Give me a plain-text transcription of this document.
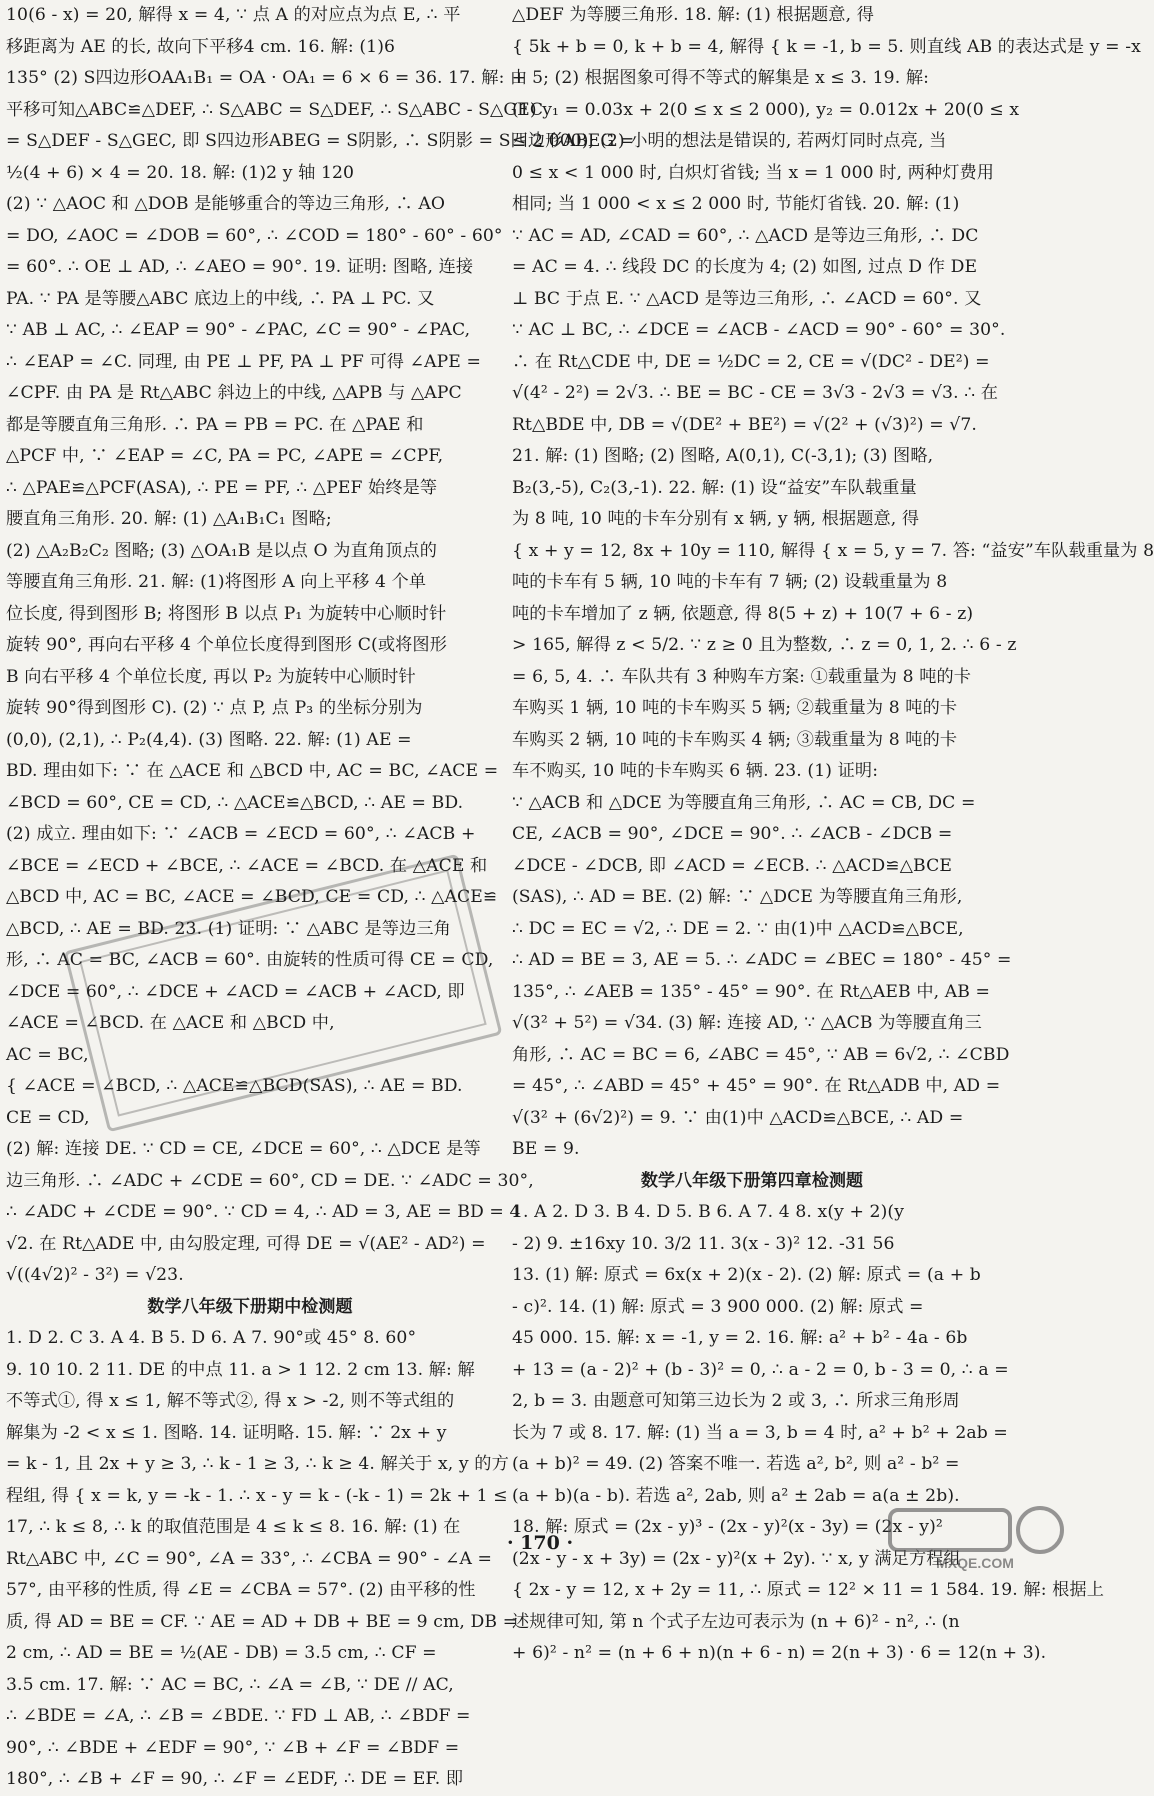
10(6 - x) = 20, 解得 x = 4, ∵ 点 A 的对应点为点 E, ∴ 平
移距离为 AE 的长, 故向下平移4 cm. 16. 解: (1)6
135° (2) S四边形OAA₁B₁ = OA · OA₁ = 6 × 6 = 36. 17. 解: 由
平移可知△ABC≌△DEF, ∴ S△ABC = S△DEF, ∴ S△ABC - S△GEC
= S△DEF - S△GEC, 即 S四边形ABEG = S阴影, ∴ S阴影 = S四边形ABEG =
½(4 + 6) × 4 = 20. 18. 解: (1)2 y 轴 120
(2) ∵ △AOC 和 △DOB 是能够重合的等边三角形, ∴ AO
= DO, ∠AOC = ∠DOB = 60°, ∴ ∠COD = 180° - 60° - 60°
= 60°. ∴ OE ⊥ AD, ∴ ∠AEO = 90°. 19. 证明: 图略, 连接
PA. ∵ PA 是等腰△ABC 底边上的中线, ∴ PA ⊥ PC. 又
∵ AB ⊥ AC, ∴ ∠EAP = 90° - ∠PAC, ∠C = 90° - ∠PAC,
∴ ∠EAP = ∠C. 同理, 由 PE ⊥ PF, PA ⊥ PF 可得 ∠APE =
∠CPF. 由 PA 是 Rt△ABC 斜边上的中线, △APB 与 △APC
都是等腰直角三角形. ∴ PA = PB = PC. 在 △PAE 和
△PCF 中, ∵ ∠EAP = ∠C, PA = PC, ∠APE = ∠CPF,
∴ △PAE≌△PCF(ASA), ∴ PE = PF, ∴ △PEF 始终是等
腰直角三角形. 20. 解: (1) △A₁B₁C₁ 图略;
(2) △A₂B₂C₂ 图略; (3) △OA₁B 是以点 O 为直角顶点的
等腰直角三角形. 21. 解: (1)将图形 A 向上平移 4 个单
位长度, 得到图形 B; 将图形 B 以点 P₁ 为旋转中心顺时针
旋转 90°, 再向右平移 4 个单位长度得到图形 C(或将图形
B 向右平移 4 个单位长度, 再以 P₂ 为旋转中心顺时针
旋转 90°得到图形 C). (2) ∵ 点 P, 点 P₃ 的坐标分别为
(0,0), (2,1), ∴ P₂(4,4). (3) 图略. 22. 解: (1) AE =
BD. 理由如下: ∵ 在 △ACE 和 △BCD 中, AC = BC, ∠ACE =
∠BCD = 60°, CE = CD, ∴ △ACE≌△BCD, ∴ AE = BD.
(2) 成立. 理由如下: ∵ ∠ACB = ∠ECD = 60°, ∴ ∠ACB +
∠BCE = ∠ECD + ∠BCE, ∴ ∠ACE = ∠BCD. 在 △ACE 和
△BCD 中, AC = BC, ∠ACE = ∠BCD, CE = CD, ∴ △ACE≌
△BCD, ∴ AE = BD. 23. (1) 证明: ∵ △ABC 是等边三角
形, ∴ AC = BC, ∠ACB = 60°. 由旋转的性质可得 CE = CD,
∠DCE = 60°, ∴ ∠DCE + ∠ACD = ∠ACB + ∠ACD, 即
∠ACE = ∠BCD. 在 △ACE 和 △BCD 中,
AC = BC,
{ ∠ACE = ∠BCD, ∴ △ACE≌△BCD(SAS), ∴ AE = BD.
CE = CD,
(2) 解: 连接 DE. ∵ CD = CE, ∠DCE = 60°, ∴ △DCE 是等
边三角形. ∴ ∠ADC + ∠CDE = 60°, CD = DE. ∵ ∠ADC = 30°,
∴ ∠ADC + ∠CDE = 90°. ∵ CD = 4, ∴ AD = 3, AE = BD = 4
√2. 在 Rt△ADE 中, 由勾股定理, 可得 DE = √(AE² - AD²) =
√((4√2)² - 3²) = √23.
数学八年级下册期中检测题
1. D 2. C 3. A 4. B 5. D 6. A 7. 90°或 45° 8. 60°
9. 10 10. 2 11. DE 的中点 11. a > 1 12. 2 cm 13. 解: 解
不等式①, 得 x ≤ 1, 解不等式②, 得 x > -2, 则不等式组的
解集为 -2 < x ≤ 1. 图略. 14. 证明略. 15. 解: ∵ 2x + y
= k - 1, 且 2x + y ≥ 3, ∴ k - 1 ≥ 3, ∴ k ≥ 4. 解关于 x, y 的方
程组, 得 { x = k, y = -k - 1. ∴ x - y = k - (-k - 1) = 2k + 1 ≤
17, ∴ k ≤ 8, ∴ k 的取值范围是 4 ≤ k ≤ 8. 16. 解: (1) 在
Rt△ABC 中, ∠C = 90°, ∠A = 33°, ∴ ∠CBA = 90° - ∠A =
57°, 由平移的性质, 得 ∠E = ∠CBA = 57°. (2) 由平移的性
质, 得 AD = BE = CF. ∵ AE = AD + DB + BE = 9 cm, DB =
2 cm, ∴ AD = BE = ½(AE - DB) = 3.5 cm, ∴ CF =
3.5 cm. 17. 解: ∵ AC = BC, ∴ ∠A = ∠B, ∵ DE // AC,
∴ ∠BDE = ∠A, ∴ ∠B = ∠BDE. ∵ FD ⊥ AB, ∴ ∠BDF =
90°, ∴ ∠BDE + ∠EDF = 90°, ∵ ∠B + ∠F = ∠BDF =
180°, ∴ ∠B + ∠F = 90, ∴ ∠F = ∠EDF, ∴ DE = EF. 即
△DEF 为等腰三角形. 18. 解: (1) 根据题意, 得
{ 5k + b = 0, k + b = 4, 解得 { k = -1, b = 5. 则直线 AB 的表达式是 y = -x
+ 5; (2) 根据图象可得不等式的解集是 x ≤ 3. 19. 解:
(1) y₁ = 0.03x + 2(0 ≤ x ≤ 2 000), y₂ = 0.012x + 20(0 ≤ x
≤ 2 000); (2) 小明的想法是错误的, 若两灯同时点亮, 当
0 ≤ x < 1 000 时, 白炽灯省钱; 当 x = 1 000 时, 两种灯费用
相同; 当 1 000 < x ≤ 2 000 时, 节能灯省钱. 20. 解: (1)
∵ AC = AD, ∠CAD = 60°, ∴ △ACD 是等边三角形, ∴ DC
= AC = 4. ∴ 线段 DC 的长度为 4; (2) 如图, 过点 D 作 DE
⊥ BC 于点 E. ∵ △ACD 是等边三角形, ∴ ∠ACD = 60°. 又
∵ AC ⊥ BC, ∴ ∠DCE = ∠ACB - ∠ACD = 90° - 60° = 30°.
∴ 在 Rt△CDE 中, DE = ½DC = 2, CE = √(DC² - DE²) =
√(4² - 2²) = 2√3. ∴ BE = BC - CE = 3√3 - 2√3 = √3. ∴ 在
Rt△BDE 中, DB = √(DE² + BE²) = √(2² + (√3)²) = √7.
21. 解: (1) 图略; (2) 图略, A(0,1), C(-3,1); (3) 图略,
B₂(3,-5), C₂(3,-1). 22. 解: (1) 设“益安”车队载重量
为 8 吨, 10 吨的卡车分别有 x 辆, y 辆, 根据题意, 得
{ x + y = 12, 8x + 10y = 110, 解得 { x = 5, y = 7. 答: “益安”车队载重量为 8
吨的卡车有 5 辆, 10 吨的卡车有 7 辆; (2) 设载重量为 8
吨的卡车增加了 z 辆, 依题意, 得 8(5 + z) + 10(7 + 6 - z)
> 165, 解得 z < 5/2. ∵ z ≥ 0 且为整数, ∴ z = 0, 1, 2. ∴ 6 - z
= 6, 5, 4. ∴ 车队共有 3 种购车方案: ①载重量为 8 吨的卡
车购买 1 辆, 10 吨的卡车购买 5 辆; ②载重量为 8 吨的卡
车购买 2 辆, 10 吨的卡车购买 4 辆; ③载重量为 8 吨的卡
车不购买, 10 吨的卡车购买 6 辆. 23. (1) 证明:
∵ △ACB 和 △DCE 为等腰直角三角形, ∴ AC = CB, DC =
CE, ∠ACB = 90°, ∠DCE = 90°. ∴ ∠ACB - ∠DCB =
∠DCE - ∠DCB, 即 ∠ACD = ∠ECB. ∴ △ACD≌△BCE
(SAS), ∴ AD = BE. (2) 解: ∵ △DCE 为等腰直角三角形,
∴ DC = EC = √2, ∴ DE = 2. ∵ 由(1)中 △ACD≌△BCE,
∴ AD = BE = 3, AE = 5. ∴ ∠ADC = ∠BEC = 180° - 45° =
135°, ∴ ∠AEB = 135° - 45° = 90°. 在 Rt△AEB 中, AB =
√(3² + 5²) = √34. (3) 解: 连接 AD, ∵ △ACB 为等腰直角三
角形, ∴ AC = BC = 6, ∠ABC = 45°, ∵ AB = 6√2, ∴ ∠CBD
= 45°, ∴ ∠ABD = 45° + 45° = 90°. 在 Rt△ADB 中, AD =
√(3² + (6√2)²) = 9. ∵ 由(1)中 △ACD≌△BCE, ∴ AD =
BE = 9.
数学八年级下册第四章检测题
1. A 2. D 3. B 4. D 5. B 6. A 7. 4 8. x(y + 2)(y
- 2) 9. ±16xy 10. 3/2 11. 3(x - 3)² 12. -31 56
13. (1) 解: 原式 = 6x(x + 2)(x - 2). (2) 解: 原式 = (a + b
- c)². 14. (1) 解: 原式 = 3 900 000. (2) 解: 原式 =
45 000. 15. 解: x = -1, y = 2. 16. 解: a² + b² - 4a - 6b
+ 13 = (a - 2)² + (b - 3)² = 0, ∴ a - 2 = 0, b - 3 = 0, ∴ a =
2, b = 3. 由题意可知第三边长为 2 或 3, ∴ 所求三角形周
长为 7 或 8. 17. 解: (1) 当 a = 3, b = 4 时, a² + b² + 2ab =
(a + b)² = 49. (2) 答案不唯一. 若选 a², b², 则 a² - b² =
(a + b)(a - b). 若选 a², 2ab, 则 a² ± 2ab = a(a ± 2b).
18. 解: 原式 = (2x - y)³ - (2x - y)²(x - 3y) = (2x - y)²
(2x - y - x + 3y) = (2x - y)²(x + 2y). ∵ x, y 满足方程组
{ 2x - y = 12, x + 2y = 11, ∴ 原式 = 12² × 11 = 1 584. 19. 解: 根据上
述规律可知, 第 n 个式子左边可表示为 (n + 6)² - n², ∴ (n
+ 6)² - n² = (n + 6 + n)(n + 6 - n) = 2(n + 3) · 6 = 12(n + 3).
· 170 ·
MXQE.COM
